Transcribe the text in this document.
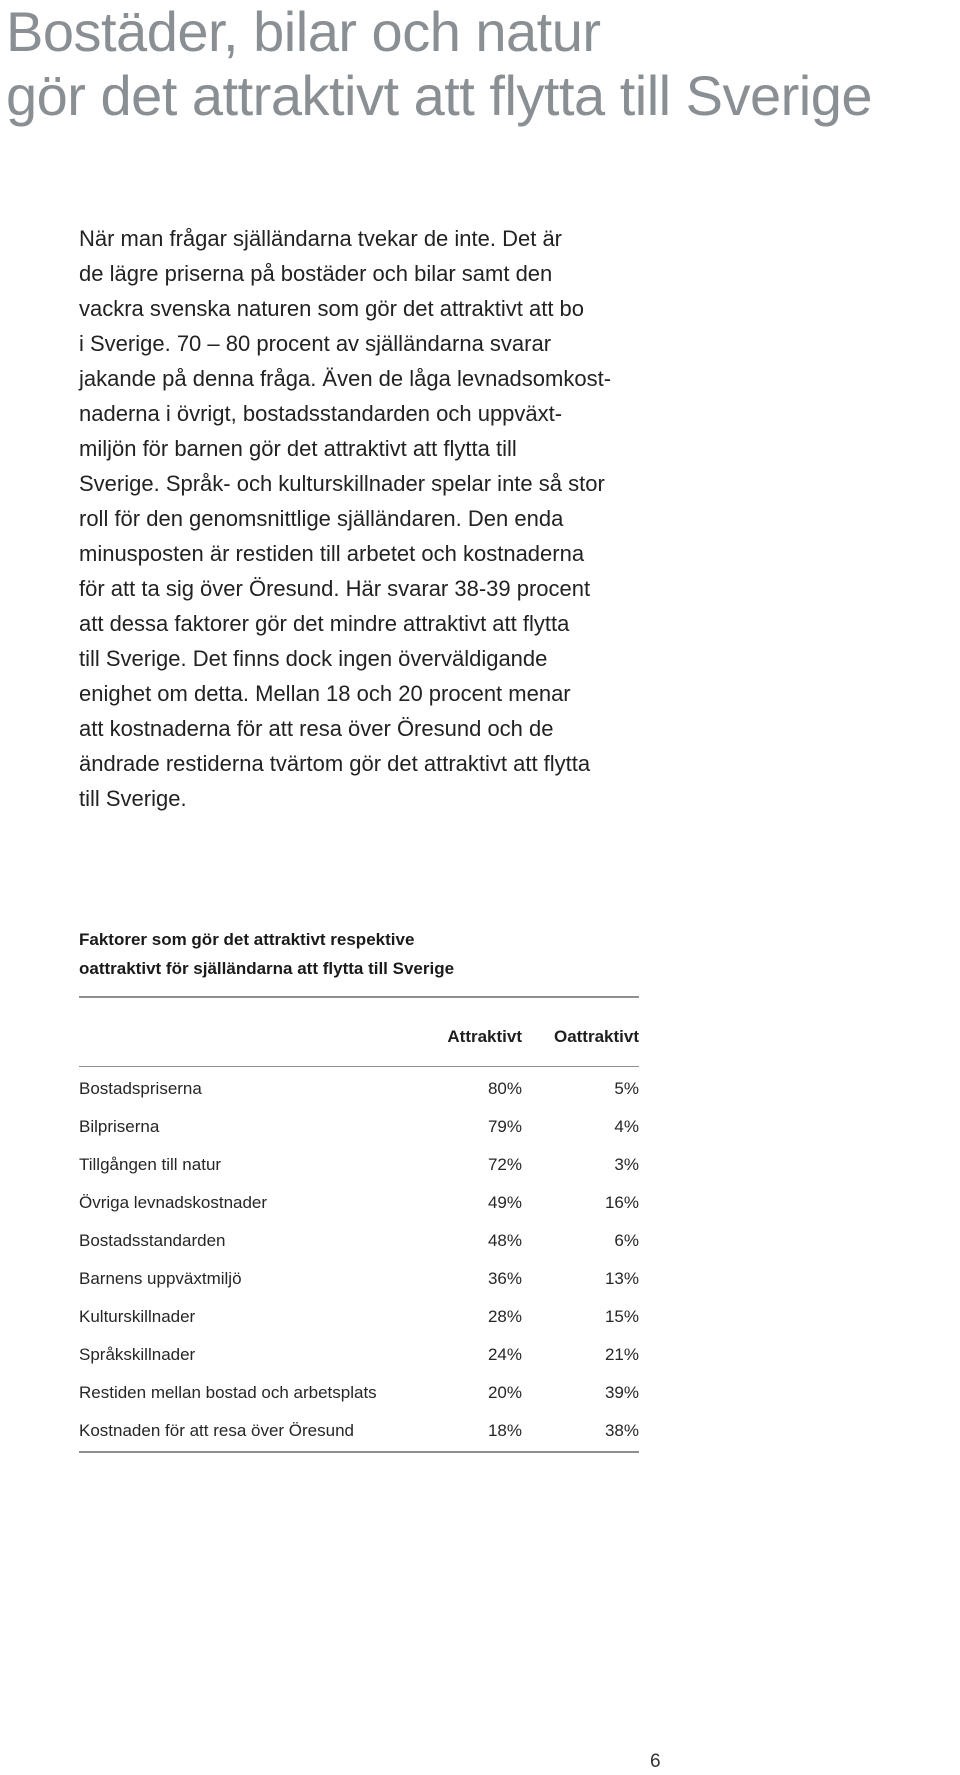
Bostäder, bilar och natur
gör det attraktivt att flytta till Sverige
När man frågar själländarna tvekar de inte. Det är
de lägre priserna på bostäder och bilar samt den
vackra svenska naturen som gör det attraktivt att bo
i Sverige. 70 – 80 procent av själländarna svarar
jakande på denna fråga. Även de låga levnadsomkost-
naderna i övrigt, bostadsstandarden och uppväxt-
miljön för barnen gör det attraktivt att flytta till
Sverige. Språk- och kulturskillnader spelar inte så stor
roll för den genomsnittlige själländaren. Den enda
minusposten är restiden till arbetet och kostnaderna
för att ta sig över Öresund. Här svarar 38-39 procent
att dessa faktorer gör det mindre attraktivt att flytta
till Sverige. Det finns dock ingen överväldigande
enighet om detta. Mellan 18 och 20 procent menar
att kostnaderna för att resa över Öresund och de
ändrade restiderna tvärtom gör det attraktivt att flytta
till Sverige.
Faktorer som gör det attraktivt respektive
oattraktivt för själländarna att flytta till Sverige
Attraktivt Oattraktivt
Bostadspriserna	80%	5%
Bilpriserna	79%	4%
Tillgången till natur	72%	3%
Övriga levnadskostnader	49%	16%
Bostadsstandarden	48%	6%
Barnens uppväxtmiljö	36%	13%
Kulturskillnader	28%	15%
Språkskillnader	24%	21%
Restiden mellan bostad och arbetsplats	20%	39%
Kostnaden för att resa över Öresund	18%	38%
6
